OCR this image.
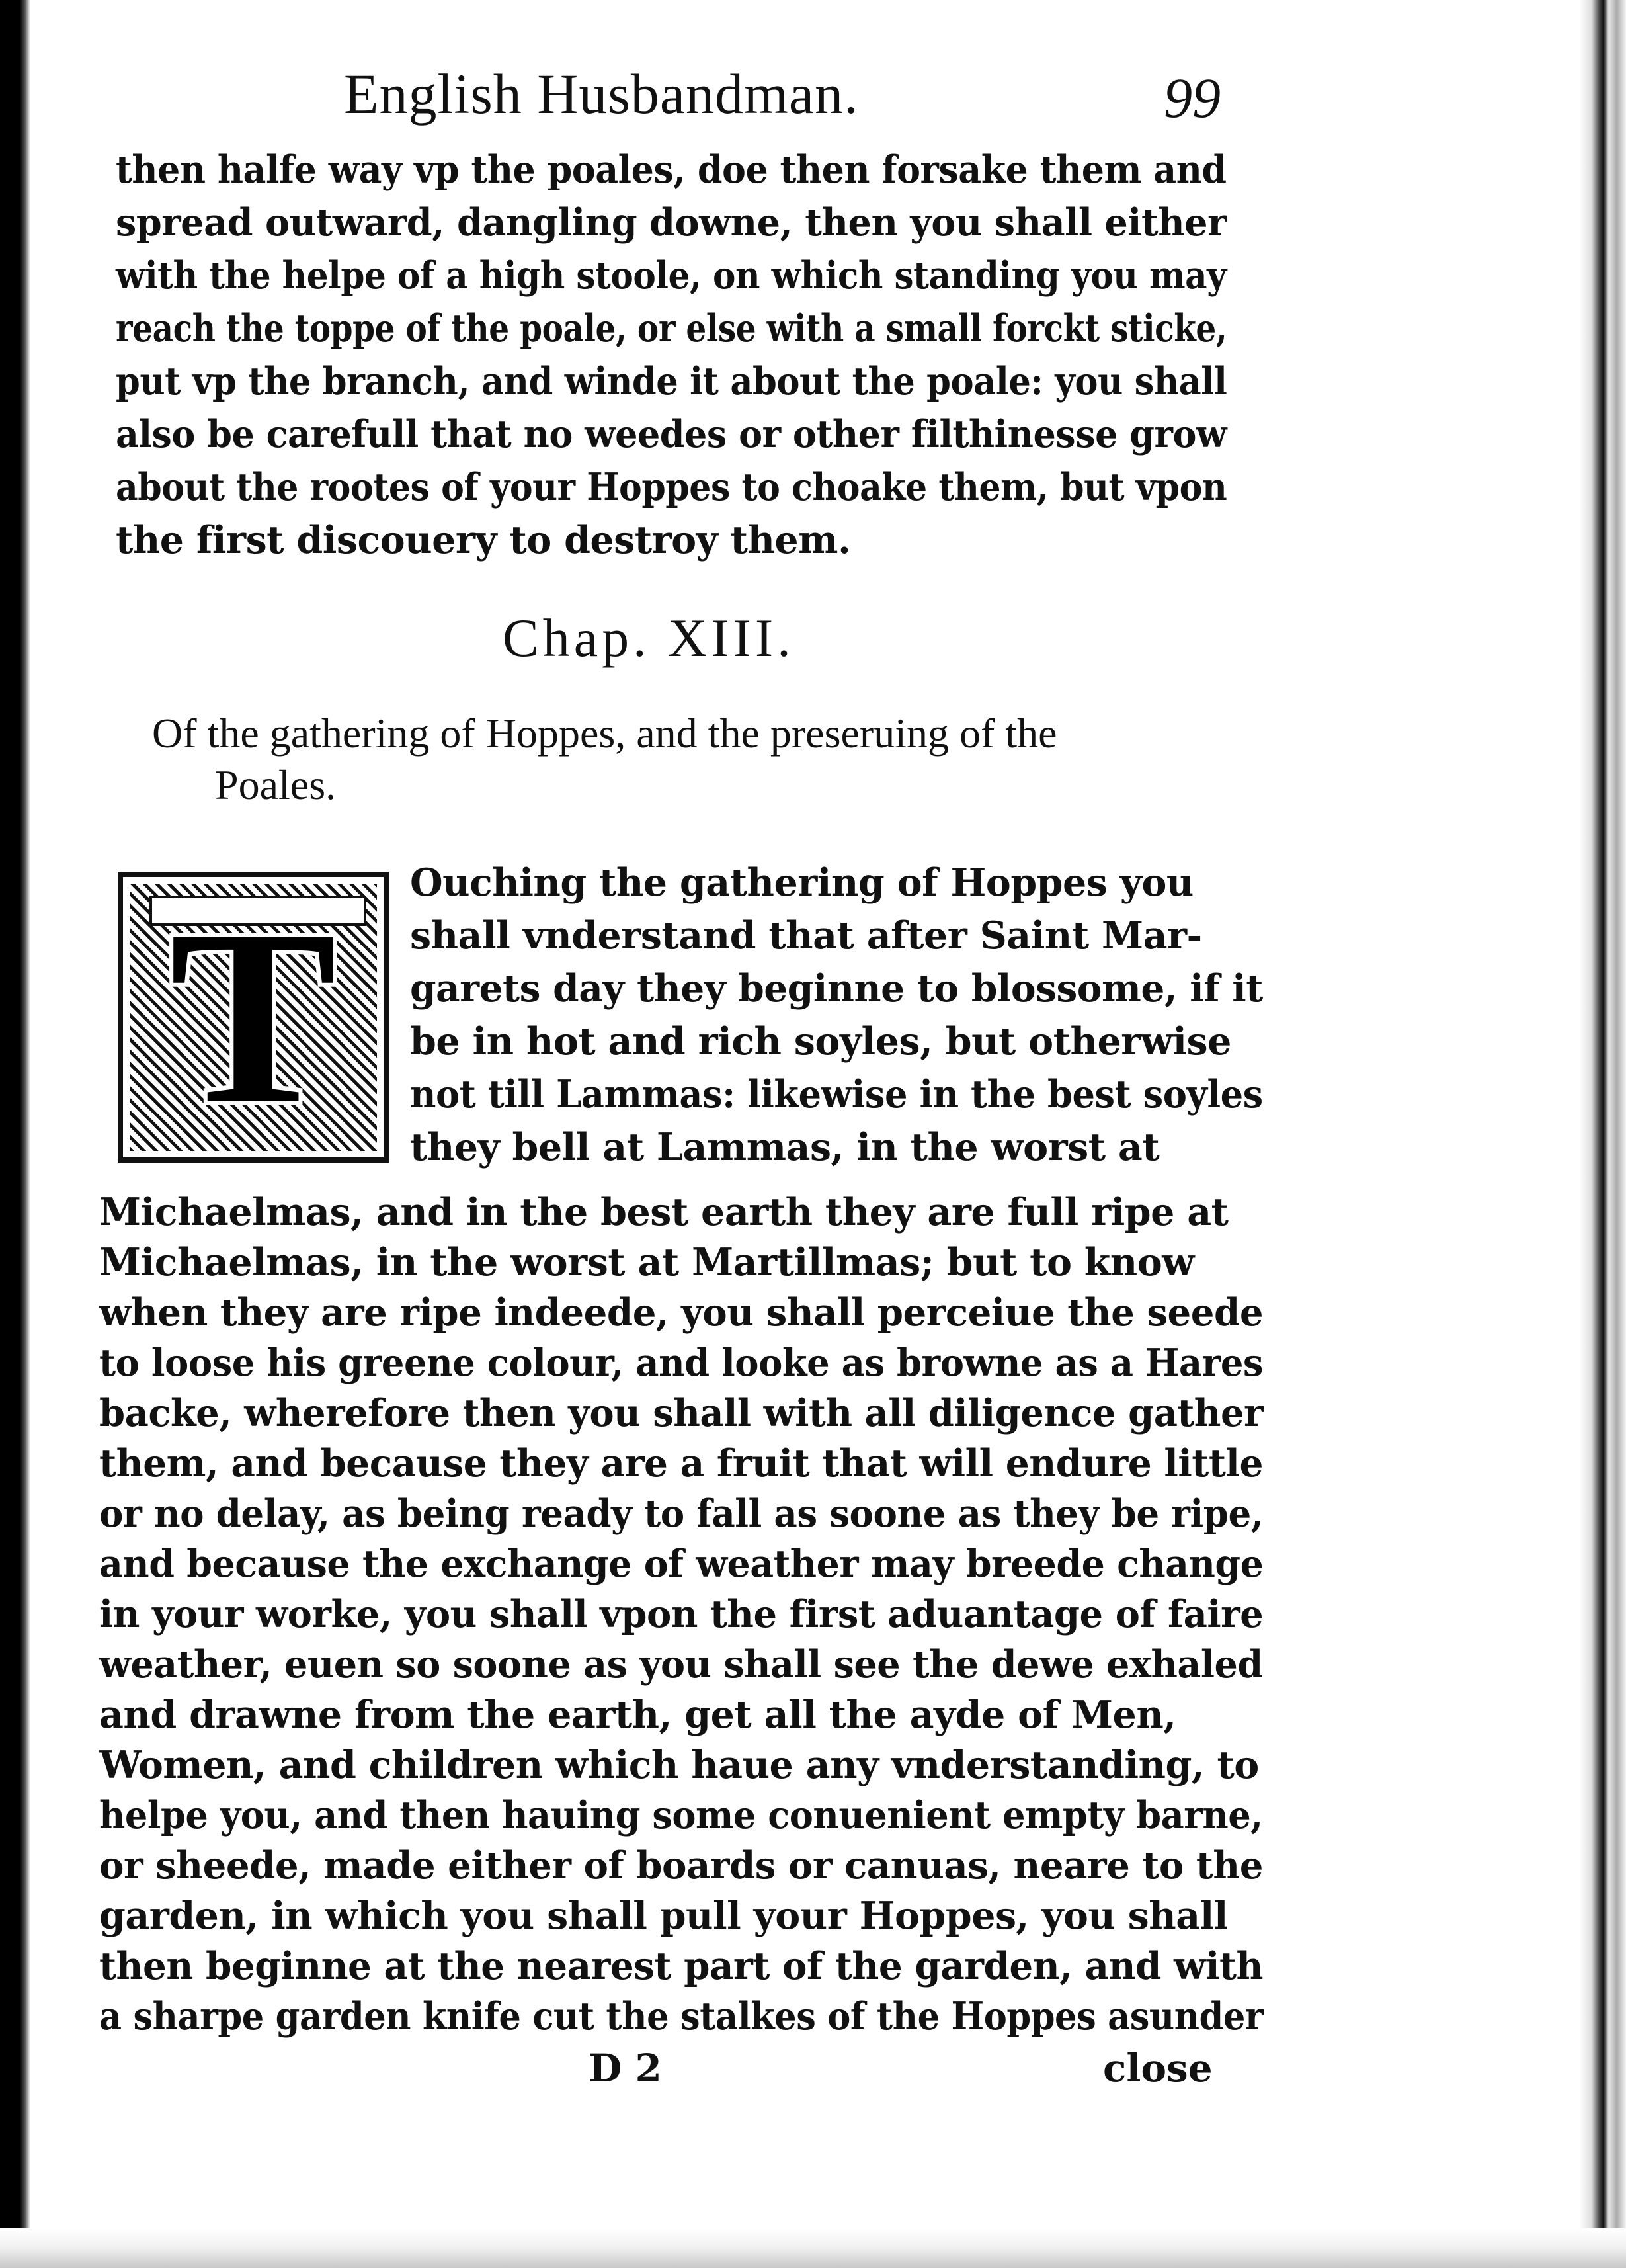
English Husbandman.	99
then halfe way vp the poales, doe then forsake them and
spread outward, dangling downe, then you shall either
with the helpe of a high stoole, on which standing you may
reach the toppe of the poale, or else with a small forckt sticke,
put vp the branch, and winde it about the poale: you shall
also be carefull that no weedes or other filthinesse grow
about the rootes of your Hoppes to choake them, but vpon
the first discouery to destroy them.
Chap. XIII.
Of the gathering of Hoppes, and the preseruing of the
Poales.
T	Ouching the gathering of Hoppes you
shall vnderstand that after Saint Mar-
garets day they beginne to blossome, if it
be in hot and rich soyles, but otherwise
not till Lammas: likewise in the best soyles
they bell at Lammas, in the worst at
Michaelmas, and in the best earth they are full ripe at
Michaelmas, in the worst at Martillmas; but to know
when they are ripe indeede, you shall perceiue the seede
to loose his greene colour, and looke as browne as a Hares
backe, wherefore then you shall with all diligence gather
them, and because they are a fruit that will endure little
or no delay, as being ready to fall as soone as they be ripe,
and because the exchange of weather may breede change
in your worke, you shall vpon the first aduantage of faire
weather, euen so soone as you shall see the dewe exhaled
and drawne from the earth, get all the ayde of Men,
Women, and children which haue any vnderstanding, to
helpe you, and then hauing some conuenient empty barne,
or sheede, made either of boards or canuas, neare to the
garden, in which you shall pull your Hoppes, you shall
then beginne at the nearest part of the garden, and with
a sharpe garden knife cut the stalkes of the Hoppes asunder
D 2	close
